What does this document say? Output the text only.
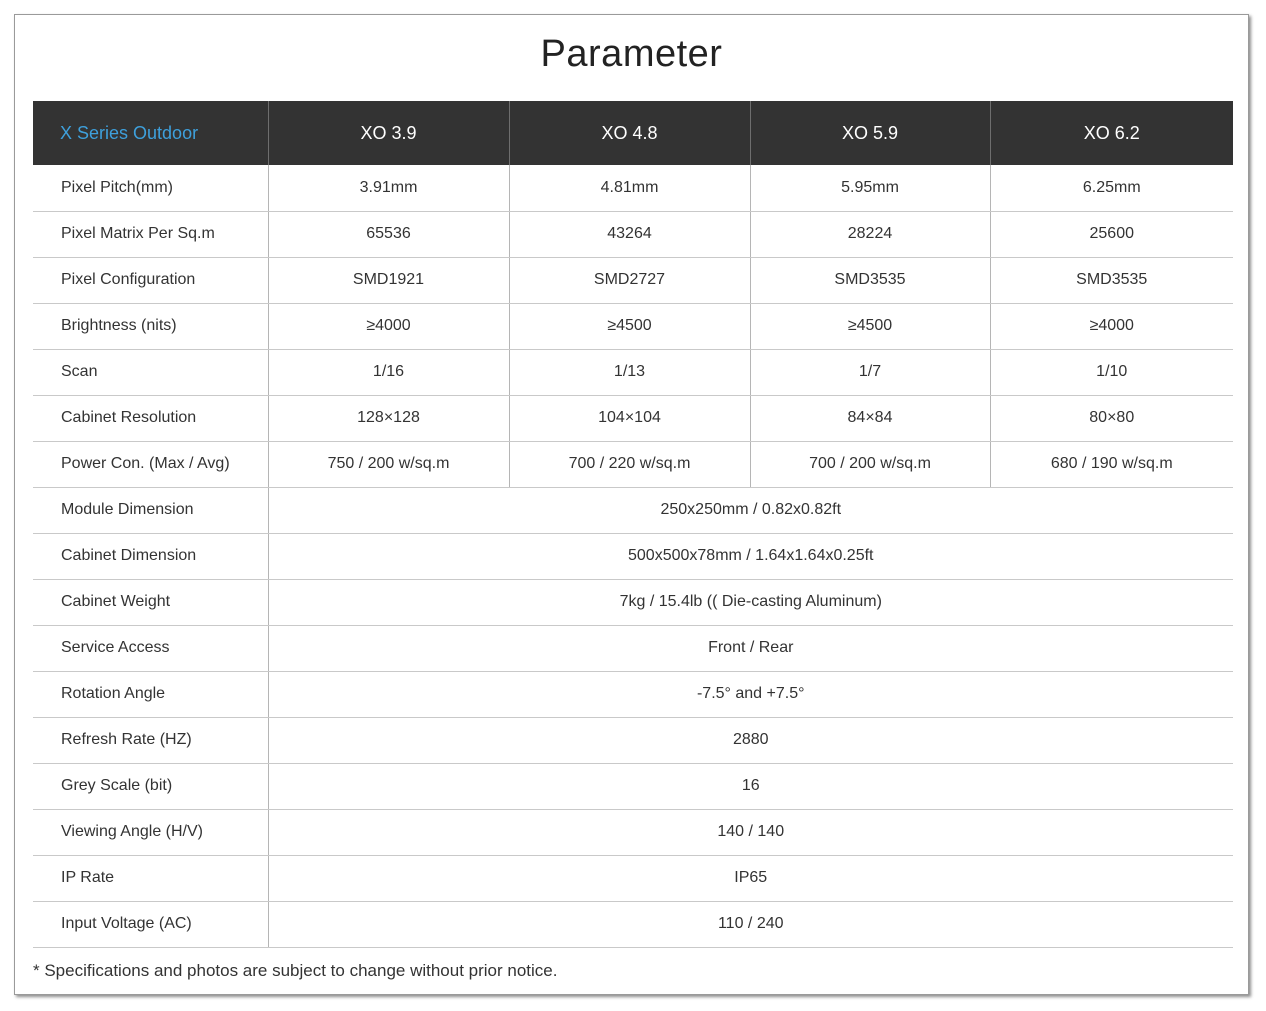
Parameter
X Series Outdoor	XO 3.9	XO 4.8	XO 5.9	XO 6.2
Pixel Pitch(mm)	3.91mm	4.81mm	5.95mm	6.25mm
Pixel Matrix Per Sq.m	65536	43264	28224	25600
Pixel Configuration	SMD1921	SMD2727	SMD3535	SMD3535
Brightness (nits)	≥4000	≥4500	≥4500	≥4000
Scan	1/16	1/13	1/7	1/10
Cabinet Resolution	128×128	104×104	84×84	80×80
Power Con. (Max / Avg)	750 / 200 w/sq.m	700 / 220 w/sq.m	700 / 200 w/sq.m	680 / 190 w/sq.m
Module Dimension	250x250mm / 0.82x0.82ft			
Cabinet Dimension	500x500x78mm / 1.64x1.64x0.25ft			
Cabinet Weight	7kg / 15.4lb (( Die-casting Aluminum)			
Service Access	Front / Rear			
Rotation Angle	-7.5° and +7.5°			
Refresh Rate (HZ)	2880			
Grey Scale (bit)	16			
Viewing Angle (H/V)	140 / 140			
IP Rate	IP65			
Input Voltage (AC)	110 / 240			
* Specifications and photos are subject to change without prior notice.
